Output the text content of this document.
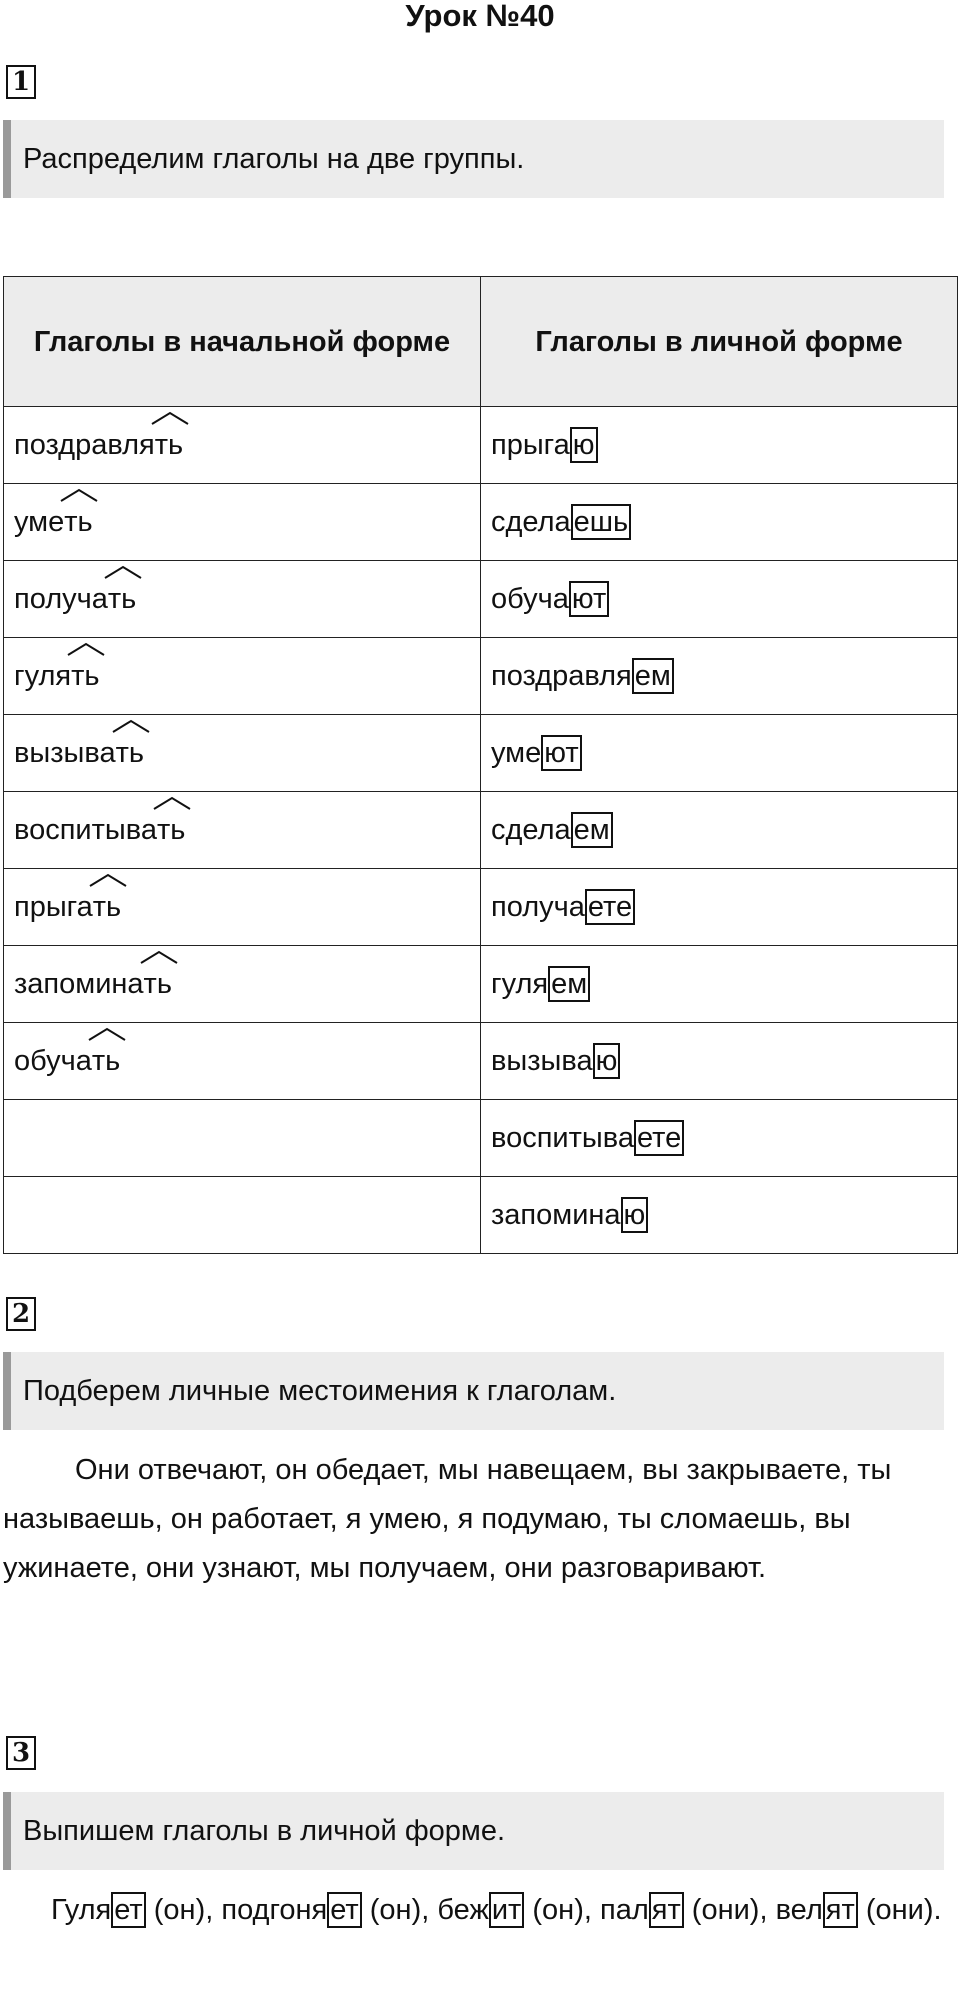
Урок №40
1
Распределим глаголы на две группы.
Глаголы в начальной форме	Глаголы в личной форме
поздравлять	прыга ю
уметь	сдела ешь
получать	обуча ют
гулять	поздравля ем
вызывать	уме ют
воспитывать	сдела ем
прыгать	получа ете
запоминать	гуля ем
обучать	вызыва ю
	воспитыва ете
	запомина ю
2
Подберем личные местоимения к глаголам.

Они отвечают, он обедает, мы навещаем, вы закрываете, ты называешь, он работает, я умею, я подумаю, ты сломаешь, вы ужинаете, они узнают, мы получаем, они разговаривают.

3
Выпишем глаголы в личной форме.

Гуля ет (он), подгоня ет (он), беж ит (он), пал ят (они), вел ят (они).
